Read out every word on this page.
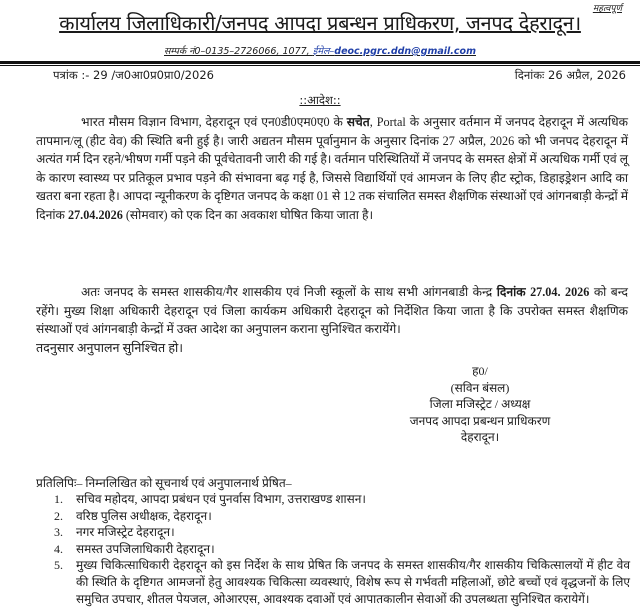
महत्वपूर्ण
कार्यालय जिलाधिकारी/जनपद आपदा प्रबन्धन प्राधिकरण, जनपद देहरादून।
सम्पर्क नं0–0135–2726066, 1077, ईमेल–deoc.pgrc.ddn@gmail.com
पत्रांक :- 29 /ज0आ0प्र0प्रा0/2026	दिनांकः 26 अप्रैल, 2026
::आदेश::
भारत मौसम विज्ञान विभाग, देहरादून एवं एन0डी0एम0ए0 के सचेत, Portal के अनुसार वर्तमान में जनपद देहरादून में अत्यधिक तापमान/लू (हीट वेव) की स्थिति बनी हुई है। जारी अद्यतन मौसम पूर्वानुमान के अनुसार दिनांक 27 अप्रैल, 2026 को भी जनपद देहरादून में अत्यंत गर्म दिन रहने/भीषण गर्मी पड़ने की पूर्वचेतावनी जारी की गई है। वर्तमान परिस्थितियों में जनपद के समस्त क्षेत्रों में अत्यधिक गर्मी एवं लू के कारण स्वास्थ्य पर प्रतिकूल प्रभाव पड़ने की संभावना बढ़ गई है, जिससे विद्यार्थियों एवं आमजन के लिए हीट स्ट्रोक, डिहाइड्रेशन आदि का खतरा बना रहता है। आपदा न्यूनीकरण के दृष्टिगत जनपद के कक्षा 01 से 12 तक संचालित समस्त शैक्षणिक संस्थाओं एवं आंगनबाड़ी केन्द्रों में दिनांक 27.04.2026 (सोमवार) को एक दिन का अवकाश घोषित किया जाता है।
अतः जनपद के समस्त शासकीय/गैर शासकीय एवं निजी स्कूलों के साथ सभी आंगनबाडी केन्द्र दिनांक 27.04. 2026 को बन्द रहेंगे। मुख्य शिक्षा अधिकारी देहरादून एवं जिला कार्यकम अधिकारी देहरादून को निर्देशित किया जाता है कि उपरोक्त समस्त शैक्षणिक संस्थाओं एवं आंगनबाड़ी केन्द्रों में उक्त आदेश का अनुपालन कराना सुनिश्चित करायेंगे।
तदनुसार अनुपालन सुनिश्चित हो।
ह0/
(सविन बंसल)
जिला मजिस्ट्रेट / अध्यक्ष
जनपद आपदा प्रबन्धन प्राधिकरण
देहरादून।
प्रतिलिपिः– निम्नलिखित को सूचनार्थ एवं अनुपालनार्थ प्रेषित–
1. सचिव महोदय, आपदा प्रबंधन एवं पुनर्वास विभाग, उत्तराखण्ड शासन।
2. वरिष्ठ पुलिस अधीक्षक, देहरादून।
3. नगर मजिस्ट्रेट देहरादून।
4. समस्त उपजिलाधिकारी देहरादून।
5. मुख्य चिकित्साधिकारी देहरादून को इस निर्देश के साथ प्रेषित कि जनपद के समस्त शासकीय/गैर शासकीय चिकित्सालयों में हीट वेव की स्थिति के दृष्टिगत आमजनों हेतु आवश्यक चिकित्सा व्यवस्थाएं, विशेष रूप से गर्भवती महिलाओं, छोटे बच्चों एवं वृद्धजनों के लिए समुचित उपचार, शीतल पेयजल, ओआरएस, आवश्यक दवाओं एवं आपातकालीन सेवाओं की उपलब्धता सुनिश्चित करायेगें।
